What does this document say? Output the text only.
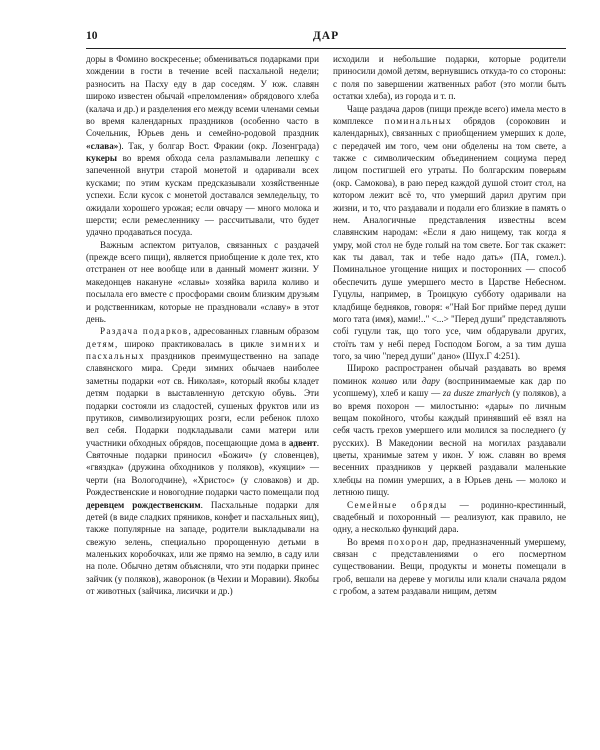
10	ДАР

доры в Фомино воскресенье; обмениваться подарками при хождении в гости в течение всей пасхальной недели; разносить на Пасху еду в дар соседям. У юж. славян широко известен обычай «преломления» обрядового хлеба (калача и др.) и разделения его между всеми членами семьи во время календарных праздников (особенно часто в Сочельник, Юрьев день и семейно-родовой праздник «слава»). Так, у болгар Вост. Фракии (окр. Лозенграда) кукеры во время обхода села разламывали лепешку с запеченной внутри старой монетой и одаривали всех кусками; по этим кускам предсказывали хозяйственные успехи. Если кусок с монетой доставался земледельцу, то ожидали хорошего урожая; если овчару — много молока и шерсти; если ремесленнику — рассчитывали, что будет удачно продаваться посуда.

Важным аспектом ритуалов, связанных с раздачей (прежде всего пищи), является приобщение к доле тех, кто отстранен от нее вообще или в данный момент жизни. У македонцев накануне «славы» хозяйка варила коливо и посылала его вместе с просфорами своим близким друзьям и родственникам, которые не праздновали «славу» в этот день.

Раздача подарков, адресованных главным образом детям, широко практиковалась в цикле зимних и пасхальных праздников преимущественно на западе славянского мира. Среди зимних обычаев наиболее заметны подарки «от св. Николая», который якобы кладет детям подарки в выставленную детскую обувь. Эти подарки состояли из сладостей, сушеных фруктов или из прутиков, символизирующих розги, если ребенок плохо вел себя. Подарки подкладывали сами матери или участники обходных обрядов, посещающие дома в адвент. Святочные подарки приносил «Божич» (у словенцев), «гвяздка» (дружина обходников у поляков), «куяции» — черти (на Вологодчине), «Христос» (у словаков) и др. Рождественские и новогодние подарки часто помещали под деревцем рождественским. Пасхальные подарки для детей (в виде сладких пряников, конфет и пасхальных яиц), также популярные на западе, родители выкладывали на свежую зелень, специально пророщенную детьми в маленьких коробочках, или же прямо на землю, в саду или на поле. Обычно детям объясняли, что эти подарки принес зайчик (у поляков), жаворонок (в Чехии и Моравии). Якобы от животных (зайчика, лисички и др.)

исходили и небольшие подарки, которые родители приносили домой детям, вернувшись откуда-то со стороны: с поля по завершении жатвенных работ (это могли быть остатки хлеба), из города и т. п.

Чаще раздача даров (пищи прежде всего) имела место в комплексе поминальных обрядов (сороковин и календарных), связанных с приобщением умерших к доле, с передачей им того, чем они обделены на том свете, а также с символическим объединением социума перед лицом постигшей его утраты. По болгарским поверьям (окр. Самокова), в раю перед каждой душой стоит стол, на котором лежит всё то, что умерший дарил другим при жизни, и то, что раздавали и подали его близкие в память о нем. Аналогичные представления известны всем славянским народам: «Если я даю нищему, так когда я умру, мой стол не буде голый на том свете. Бог так скажет: как ты давал, так и тебе надо дать» (ПА, гомел.). Поминальное угощение нищих и посторонних — способ обеспечить душе умершего место в Царстве Небесном. Гуцулы, например, в Троицкую субботу одаривали на кладбище бедняков, говоря: «"Най Бог прийме перед души мого тата (имя), мами!.." <...> "Перед души" представляють собі гуцули так, що того усе, чим обдарували других, стоїть там у небі перед Господом Богом, а за тим душа того, за чию "перед души" дано» (Шух.Г 4:251).

Широко распространен обычай раздавать во время поминок коливо или дару (воспринимаемые как дар по усопшему), хлеб и кашу — za dusze zmarłych (у поляков), а во время похорон — милостыню: «дары» по личным вещам покойного, чтобы каждый принявший её взял на себя часть грехов умершего или молился за последнего (у русских). В Македонии весной на могилах раздавали цветы, хранимые затем у икон. У юж. славян во время весенних праздников у церквей раздавали маленькие хлебцы на помин умерших, а в Юрьев день — молоко и летнюю пищу.

Семейные обряды — родинно-крестинный, свадебный и похоронный — реализуют, как правило, не одну, а несколько функций дара.

Во время похорон дар, предназначенный умершему, связан с представлениями о его посмертном существовании. Вещи, продукты и монеты помещали в гроб, вешали на дереве у могилы или клали сначала рядом с гробом, а затем раздавали нищим, детям
